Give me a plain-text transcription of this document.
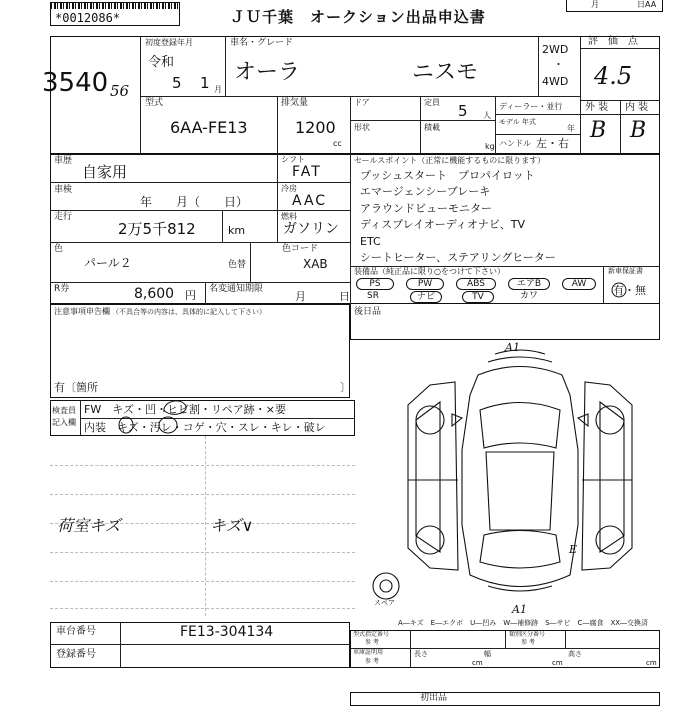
*0012086*	ＪＵ千葉　オークション出品申込書
月	日AA
3540 56
初度登録年月
令和
5 1 月
車名・グレード
オーラ	ニスモ
2WD
・
4WD
評　価　点
4.5
外 装 内 装
B B
型式
6AA-FE13
排気量
1200
cc
ドア	定員 5 人
ディーラー・並行
モデル 年式
年
形状	積載
kg ハンドル 左・右
車歴
自家用
車検
年　　月（　　日）
走行
2万5千812	km
シフト
FAT
冷房
AAC
燃料
ガソリン
色
パール２	色替
色コード
XAB
R券	8,600 円 名変通知期限
月　　　日
セールスポイント（正常に機能するものに限ります）
プッシュスタート　プロパイロット
エマージェンシーブレーキ
アラウンドビューモニター
ディスプレイオーディオナビ、TV
ETC
シートヒーター、ステアリングヒーター
装備品（純正品に限り○をつけて下さい）
PS	PW	ABS	エアB	AW
SR	ナビ	TV	カワ
新車保証書
有・無
注意事項申告欄 （不具合等の内容は、具体的に記入して下さい）
有〔箇所	〕
後日品
検査員
記入欄
FW　キズ・凹・ヒビ割・リペア跡・×要
内装　キズ・汚レ・コゲ・穴・スレ・キレ・破レ
荷室キズ	キズ∨
A1
A1
E
スペア
A―キズ　E―エクボ　U―凹み　W―補修跡　S―サビ　C―腐食　XX―交換済
車台番号	FE13-304134
登録番号
型式指定番号
参 考
類別区分番号
参 考
車庫証明用
参 考
長さ	幅	高さ
cm	cm	cm
初出品
